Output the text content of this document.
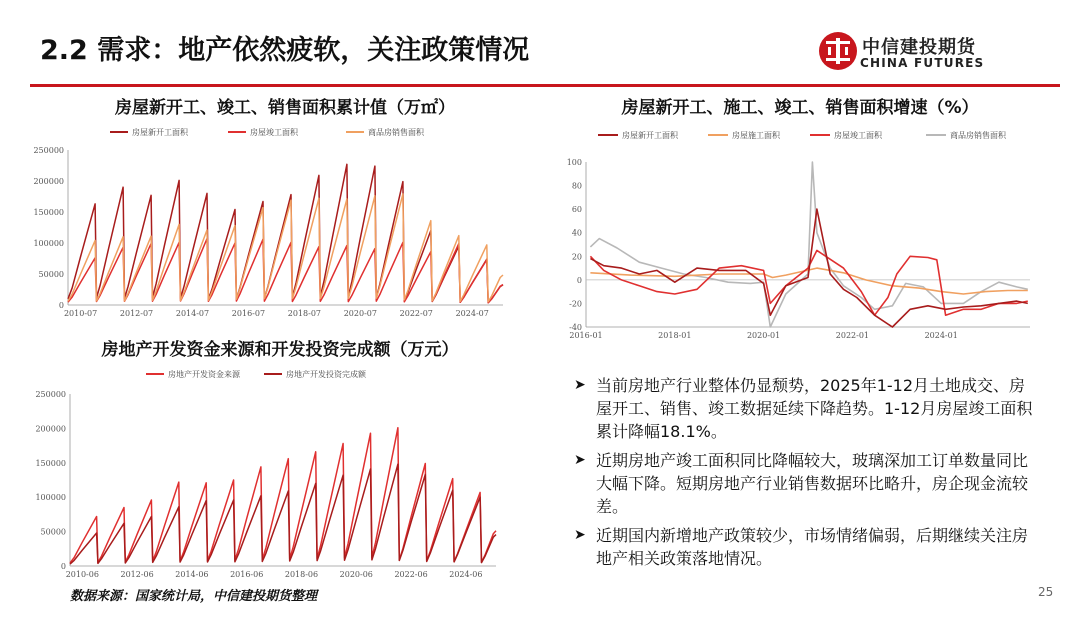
2.2 需求：地产依然疲软，关注政策情况	中信建投期货
CHINA FUTURES
房屋新开工、竣工、销售面积累计值（万㎡）	房屋新开工、施工、竣工、销售面积增速（%）
房地产开发资金来源和开发投资完成额（万元）
0
50000
100000
150000
200000
250000
2010-07	2012-07	2014-07	2016-07	2018-07	2020-07	2022-07	2024-07
房屋新开工面积	房屋竣工面积	商品房销售面积
-40
-20
0
20
40
60
80
100
2016-01	2018-01	2020-01	2022-01	2024-01
房屋新开工面积	房屋施工面积	房屋竣工面积	商品房销售面积
0
50000
100000
150000
200000
250000
2010-06	2012-06	2014-06	2016-06	2018-06	2020-06	2022-06	2024-06
房地产开发资金来源	房地产开发投资完成额
➤ 当前房地产行业整体仍显颓势，2025年1-12月土地成交、房屋开工、销售、竣工数据延续下降趋势。1-12月房屋竣工面积累计降幅18.1%。
➤ 近期房地产竣工面积同比降幅较大，玻璃深加工订单数量同比大幅下降。短期房地产行业销售数据环比略升，房企现金流较差。
➤ 近期国内新增地产政策较少，市场情绪偏弱，后期继续关注房地产相关政策落地情况。
数据来源：国家统计局，中信建投期货整理	25
